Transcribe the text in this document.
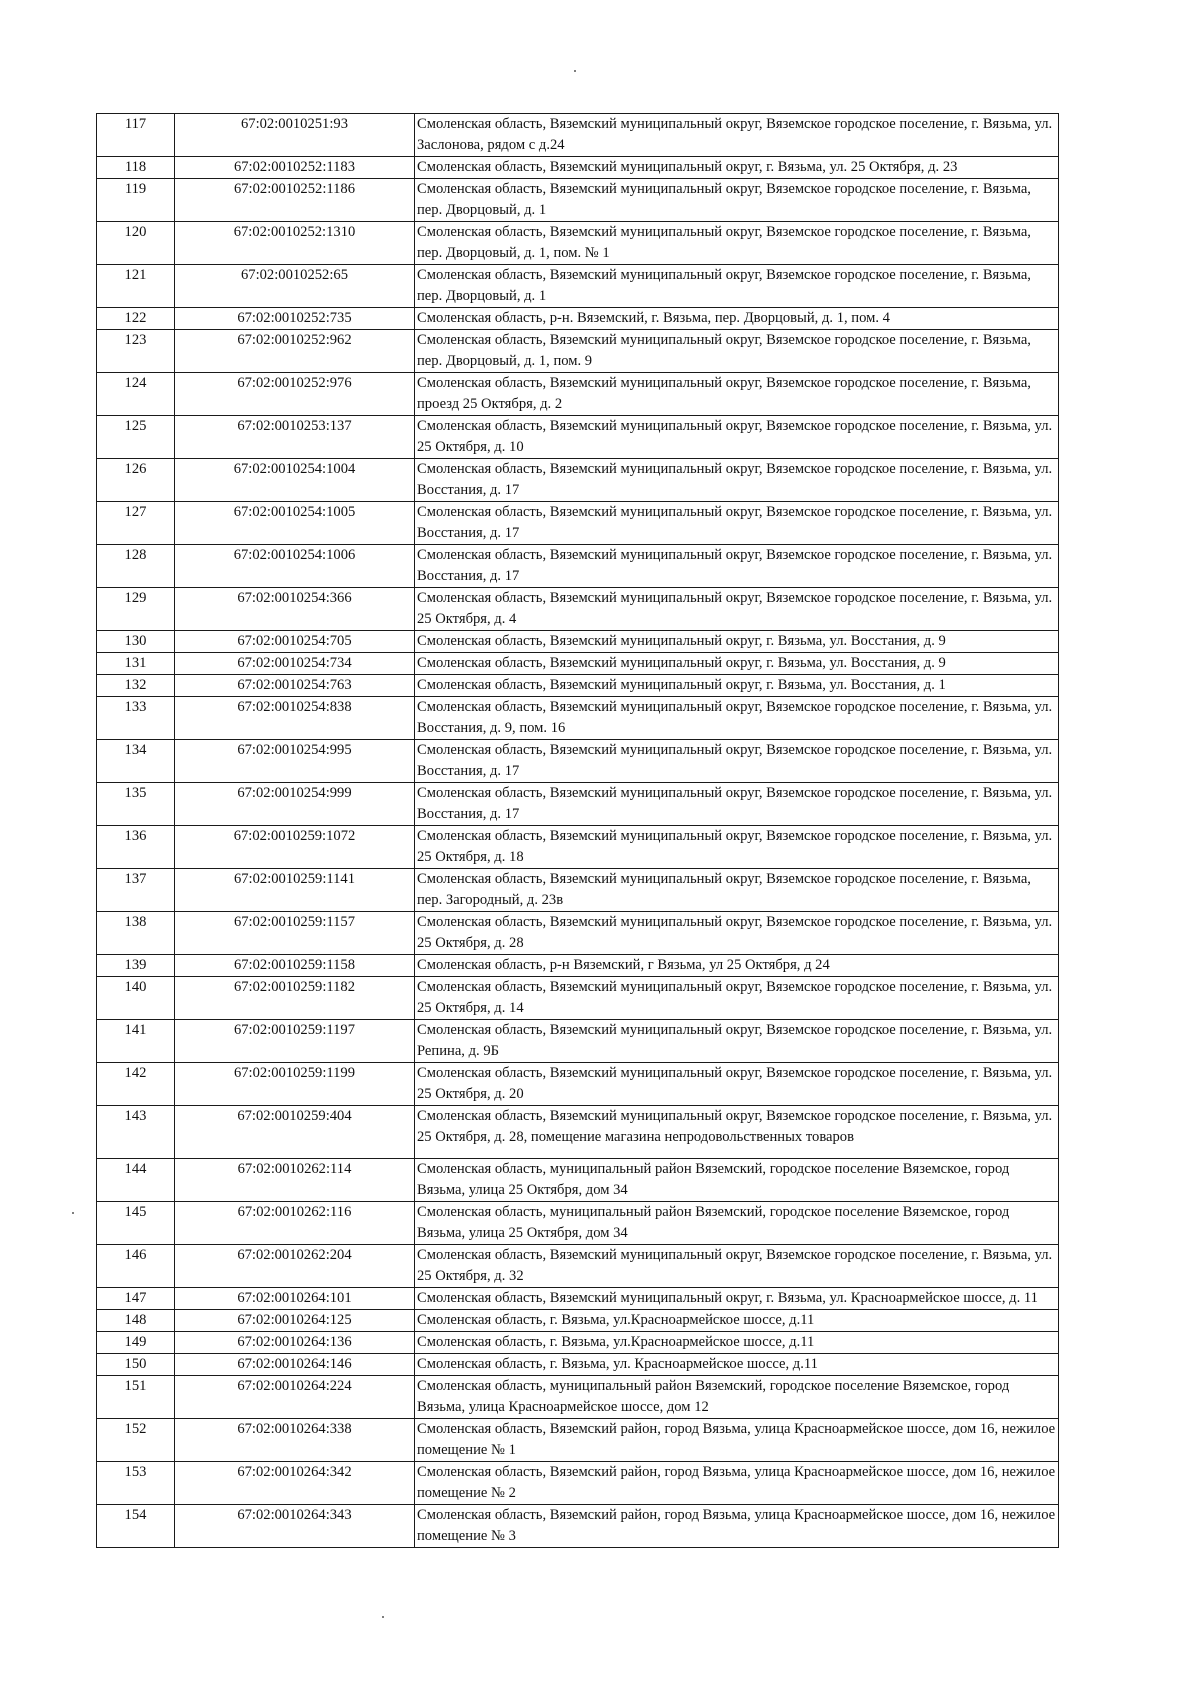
117	67:02:0010251:93	Смоленская область, Вяземский муниципальный округ, Вяземское городское поселение, г. Вязьма, ул. Заслонова, рядом с д.24
118	67:02:0010252:1183	Смоленская область, Вяземский муниципальный округ, г. Вязьма, ул. 25 Октября, д. 23
119	67:02:0010252:1186	Смоленская область, Вяземский муниципальный округ, Вяземское городское поселение, г. Вязьма, пер. Дворцовый, д. 1
120	67:02:0010252:1310	Смоленская область, Вяземский муниципальный округ, Вяземское городское поселение, г. Вязьма, пер. Дворцовый, д. 1, пом. № 1
121	67:02:0010252:65	Смоленская область, Вяземский муниципальный округ, Вяземское городское поселение, г. Вязьма, пер. Дворцовый, д. 1
122	67:02:0010252:735	Смоленская область, р-н. Вяземский, г. Вязьма, пер. Дворцовый, д. 1, пом. 4
123	67:02:0010252:962	Смоленская область, Вяземский муниципальный округ, Вяземское городское поселение, г. Вязьма, пер. Дворцовый, д. 1, пом. 9
124	67:02:0010252:976	Смоленская область, Вяземский муниципальный округ, Вяземское городское поселение, г. Вязьма, проезд 25 Октября, д. 2
125	67:02:0010253:137	Смоленская область, Вяземский муниципальный округ, Вяземское городское поселение, г. Вязьма, ул. 25 Октября, д. 10
126	67:02:0010254:1004	Смоленская область, Вяземский муниципальный округ, Вяземское городское поселение, г. Вязьма, ул. Восстания, д. 17
127	67:02:0010254:1005	Смоленская область, Вяземский муниципальный округ, Вяземское городское поселение, г. Вязьма, ул. Восстания, д. 17
128	67:02:0010254:1006	Смоленская область, Вяземский муниципальный округ, Вяземское городское поселение, г. Вязьма, ул. Восстания, д. 17
129	67:02:0010254:366	Смоленская область, Вяземский муниципальный округ, Вяземское городское поселение, г. Вязьма, ул. 25 Октября, д. 4
130	67:02:0010254:705	Смоленская область, Вяземский муниципальный округ, г. Вязьма, ул. Восстания, д. 9
131	67:02:0010254:734	Смоленская область, Вяземский муниципальный округ, г. Вязьма, ул. Восстания, д. 9
132	67:02:0010254:763	Смоленская область, Вяземский муниципальный округ, г. Вязьма, ул. Восстания, д. 1
133	67:02:0010254:838	Смоленская область, Вяземский муниципальный округ, Вяземское городское поселение, г. Вязьма, ул. Восстания, д. 9, пом. 16
134	67:02:0010254:995	Смоленская область, Вяземский муниципальный округ, Вяземское городское поселение, г. Вязьма, ул. Восстания, д. 17
135	67:02:0010254:999	Смоленская область, Вяземский муниципальный округ, Вяземское городское поселение, г. Вязьма, ул. Восстания, д. 17
136	67:02:0010259:1072	Смоленская область, Вяземский муниципальный округ, Вяземское городское поселение, г. Вязьма, ул. 25 Октября, д. 18
137	67:02:0010259:1141	Смоленская область, Вяземский муниципальный округ, Вяземское городское поселение, г. Вязьма, пер. Загородный, д. 23в
138	67:02:0010259:1157	Смоленская область, Вяземский муниципальный округ, Вяземское городское поселение, г. Вязьма, ул. 25 Октября, д. 28
139	67:02:0010259:1158	Смоленская область, р-н Вяземский, г Вязьма, ул 25 Октября, д 24
140	67:02:0010259:1182	Смоленская область, Вяземский муниципальный округ, Вяземское городское поселение, г. Вязьма, ул. 25 Октября, д. 14
141	67:02:0010259:1197	Смоленская область, Вяземский муниципальный округ, Вяземское городское поселение, г. Вязьма, ул. Репина, д. 9Б
142	67:02:0010259:1199	Смоленская область, Вяземский муниципальный округ, Вяземское городское поселение, г. Вязьма, ул. 25 Октября, д. 20
143	67:02:0010259:404	Смоленская область, Вяземский муниципальный округ, Вяземское городское поселение, г. Вязьма, ул. 25 Октября, д. 28, помещение магазина непродовольственных товаров
144	67:02:0010262:114	Смоленская область, муниципальный район Вяземский, городское поселение Вяземское, город Вязьма, улица 25 Октября, дом 34
145	67:02:0010262:116	Смоленская область, муниципальный район Вяземский, городское поселение Вяземское, город Вязьма, улица 25 Октября, дом 34
146	67:02:0010262:204	Смоленская область, Вяземский муниципальный округ, Вяземское городское поселение, г. Вязьма, ул. 25 Октября, д. 32
147	67:02:0010264:101	Смоленская область, Вяземский муниципальный округ, г. Вязьма, ул. Красноармейское шоссе, д. 11
148	67:02:0010264:125	Смоленская область, г. Вязьма, ул.Красноармейское шоссе, д.11
149	67:02:0010264:136	Смоленская область, г. Вязьма, ул.Красноармейское шоссе, д.11
150	67:02:0010264:146	Смоленская область, г. Вязьма, ул. Красноармейское шоссе, д.11
151	67:02:0010264:224	Смоленская область, муниципальный район Вяземский, городское поселение Вяземское, город Вязьма, улица Красноармейское шоссе, дом 12
152	67:02:0010264:338	Смоленская область, Вяземский район, город Вязьма, улица Красноармейское шоссе, дом 16, нежилое помещение № 1
153	67:02:0010264:342	Смоленская область, Вяземский район, город Вязьма, улица Красноармейское шоссе, дом 16, нежилое помещение № 2
154	67:02:0010264:343	Смоленская область, Вяземский район, город Вязьма, улица Красноармейское шоссе, дом 16, нежилое помещение № 3
